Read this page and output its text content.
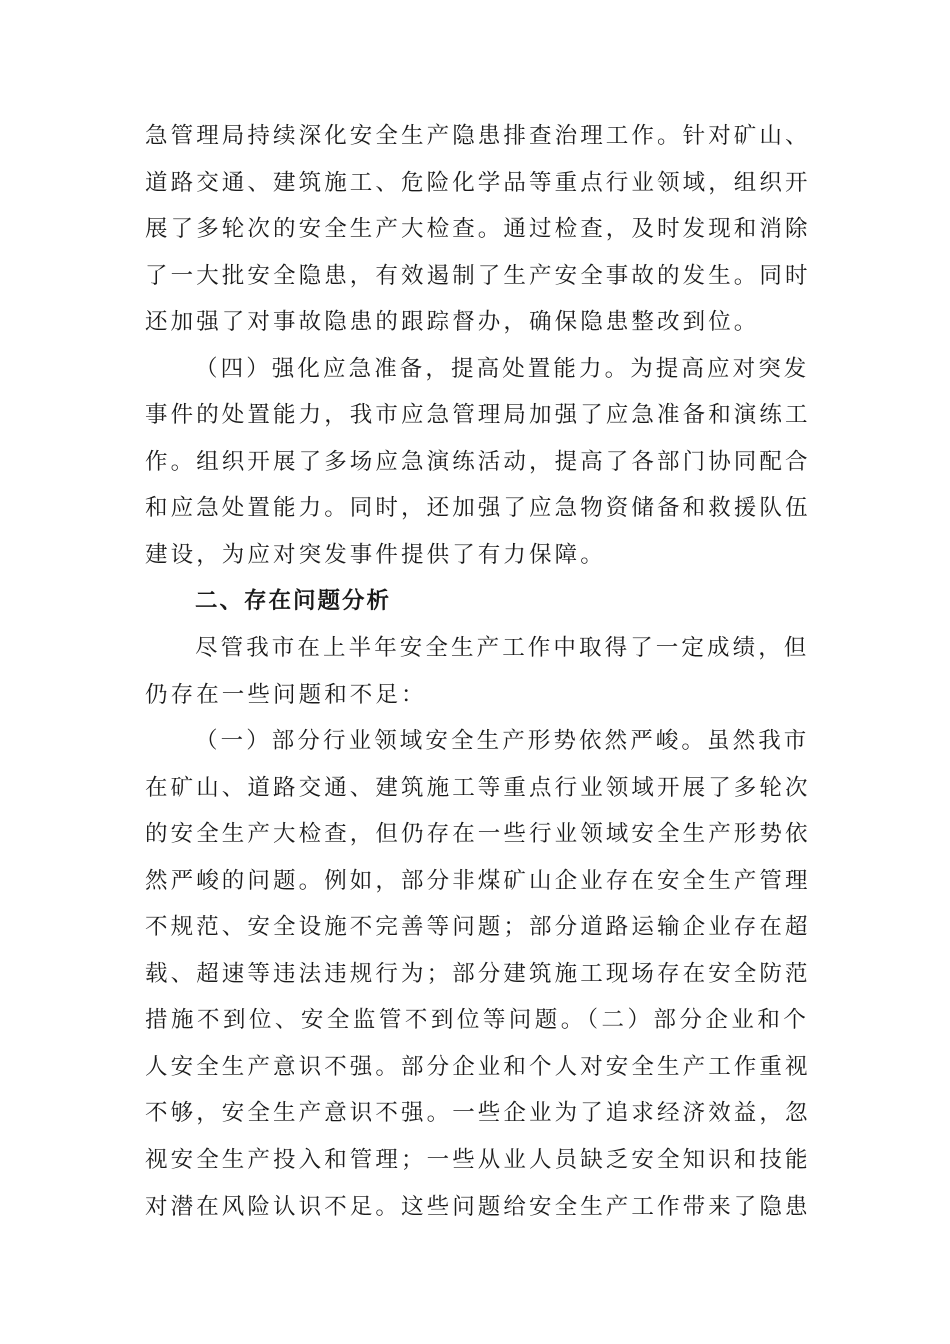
急管理局持续深化安全生产隐患排查治理工作。针对矿山、
道路交通、建筑施工、危险化学品等重点行业领域，组织开
展了多轮次的安全生产大检查。通过检查，及时发现和消除
了一大批安全隐患，有效遏制了生产安全事故的发生。同时
还加强了对事故隐患的跟踪督办，确保隐患整改到位。
（四）强化应急准备，提高处置能力。为提高应对突发
事件的处置能力，我市应急管理局加强了应急准备和演练工
作。组织开展了多场应急演练活动，提高了各部门协同配合
和应急处置能力。同时，还加强了应急物资储备和救援队伍
建设，为应对突发事件提供了有力保障。
二、存在问题分析
尽管我市在上半年安全生产工作中取得了一定成绩，但
仍存在一些问题和不足：
（一）部分行业领域安全生产形势依然严峻。虽然我市
在矿山、道路交通、建筑施工等重点行业领域开展了多轮次
的安全生产大检查，但仍存在一些行业领域安全生产形势依
然严峻的问题。例如，部分非煤矿山企业存在安全生产管理
不规范、安全设施不完善等问题；部分道路运输企业存在超
载、超速等违法违规行为；部分建筑施工现场存在安全防范
措施不到位、安全监管不到位等问题。（二）部分企业和个
人安全生产意识不强。部分企业和个人对安全生产工作重视
不够，安全生产意识不强。一些企业为了追求经济效益，忽
视安全生产投入和管理；一些从业人员缺乏安全知识和技能
对潜在风险认识不足。这些问题给安全生产工作带来了隐患
